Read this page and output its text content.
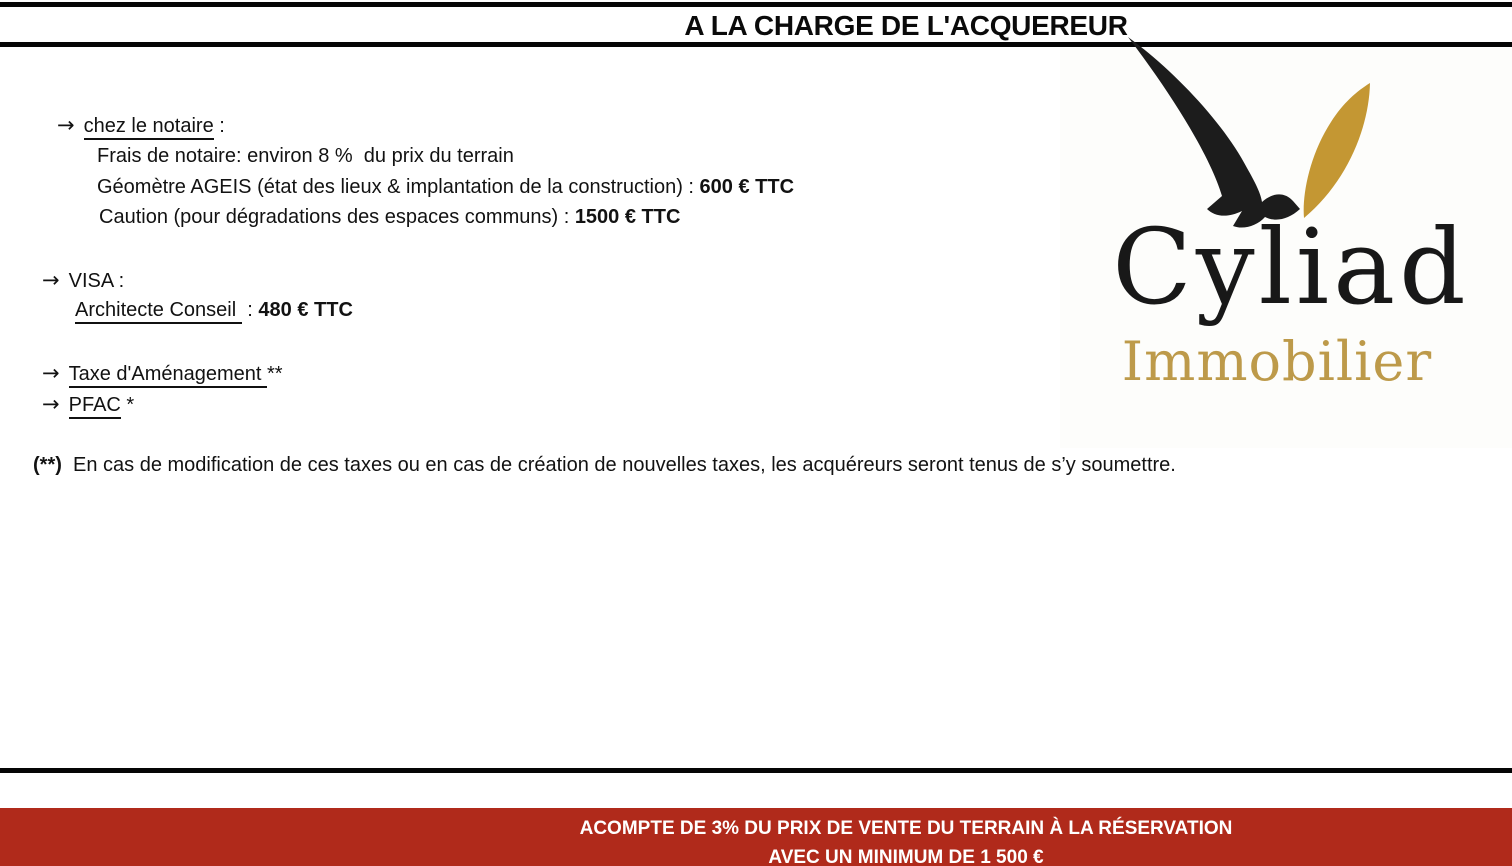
A LA CHARGE DE L'ACQUEREUR
Cyliad
Immobilier
→ chez le notaire :
Frais de notaire: environ 8 %  du prix du terrain
Géomètre AGEIS (état des lieux & implantation de la construction) : 600 € TTC
Caution (pour dégradations des espaces communs) : 1500 € TTC
→ VISA :
Architecte Conseil  : 480 € TTC
→ Taxe d'Aménagement **
→ PFAC *
(**)  En cas de modification de ces taxes ou en cas de création de nouvelles taxes, les acquéreurs seront tenus de s’y soumettre.
ACOMPTE DE 3% DU PRIX DE VENTE DU TERRAIN À LA RÉSERVATION
AVEC UN MINIMUM DE 1 500 €
